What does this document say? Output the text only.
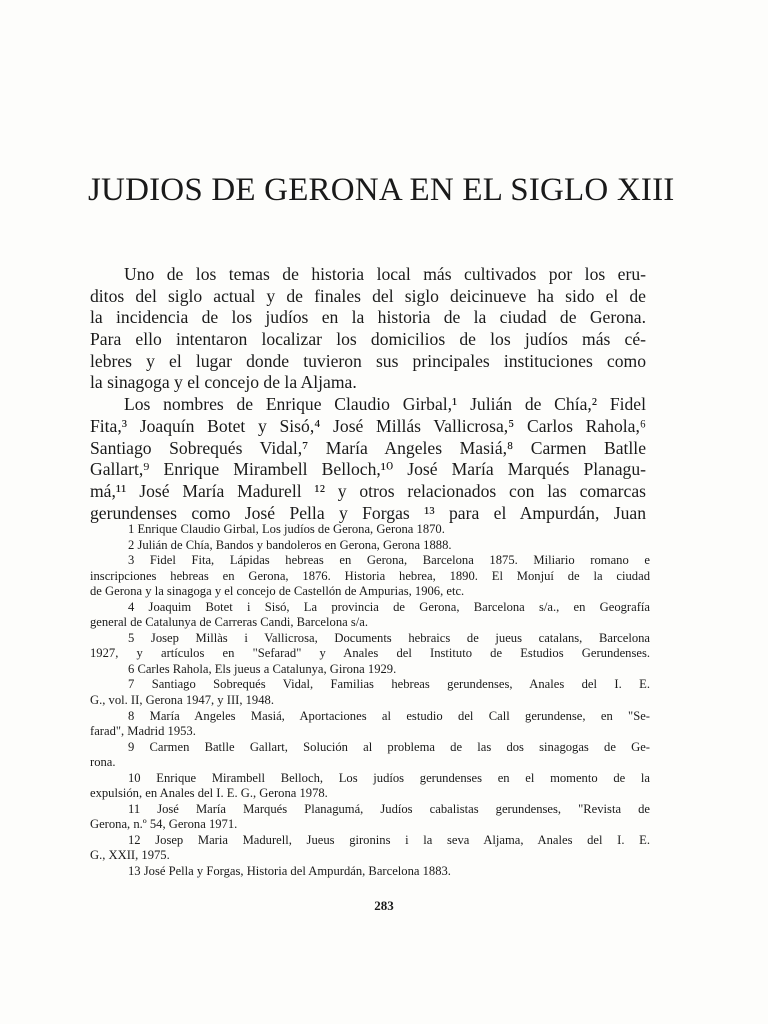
JUDIOS DE GERONA EN EL SIGLO XIII
Uno de los temas de historia local más cultivados por los eru-
ditos del siglo actual y de finales del siglo deicinueve ha sido el de
la incidencia de los judíos en la historia de la ciudad de Gerona.
Para ello intentaron localizar los domicilios de los judíos más cé-
lebres y el lugar donde tuvieron sus principales instituciones como
la sinagoga y el concejo de la Aljama.
Los nombres de Enrique Claudio Girbal,¹ Julián de Chía,² Fidel
Fita,³ Joaquín Botet y Sisó,⁴ José Millás Vallicrosa,⁵ Carlos Rahola,⁶
Santiago Sobrequés Vidal,⁷ María Angeles Masiá,⁸ Carmen Batlle
Gallart,⁹ Enrique Mirambell Belloch,¹⁰ José María Marqués Planagu-
má,¹¹ José María Madurell ¹² y otros relacionados con las comarcas
gerundenses como José Pella y Forgas ¹³ para el Ampurdán, Juan
1 Enrique Claudio Girbal, Los judíos de Gerona, Gerona 1870.
2 Julián de Chía, Bandos y bandoleros en Gerona, Gerona 1888.
3 Fidel Fita, Lápidas hebreas en Gerona, Barcelona 1875. Miliario romano e
inscripciones hebreas en Gerona, 1876. Historia hebrea, 1890. El Monjuí de la ciudad
de Gerona y la sinagoga y el concejo de Castellón de Ampurias, 1906, etc.
4 Joaquim Botet i Sisó, La provincia de Gerona, Barcelona s/a., en Geografía
general de Catalunya de Carreras Candi, Barcelona s/a.
5 Josep Millàs i Vallicrosa, Documents hebraics de jueus catalans, Barcelona
1927, y artículos en "Sefarad" y Anales del Instituto de Estudios Gerundenses.
6 Carles Rahola, Els jueus a Catalunya, Girona 1929.
7 Santiago Sobrequés Vidal, Familias hebreas gerundenses, Anales del I. E.
G., vol. II, Gerona 1947, y III, 1948.
8 María Angeles Masiá, Aportaciones al estudio del Call gerundense, en "Se-
farad", Madrid 1953.
9 Carmen Batlle Gallart, Solución al problema de las dos sinagogas de Ge-
rona.
10 Enrique Mirambell Belloch, Los judíos gerundenses en el momento de la
expulsión, en Anales del I. E. G., Gerona 1978.
11 José María Marqués Planagumá, Judíos cabalistas gerundenses, "Revista de
Gerona, n.º 54, Gerona 1971.
12 Josep Maria Madurell, Jueus gironins i la seva Aljama, Anales del I. E.
G., XXII, 1975.
13 José Pella y Forgas, Historia del Ampurdán, Barcelona 1883.
283
